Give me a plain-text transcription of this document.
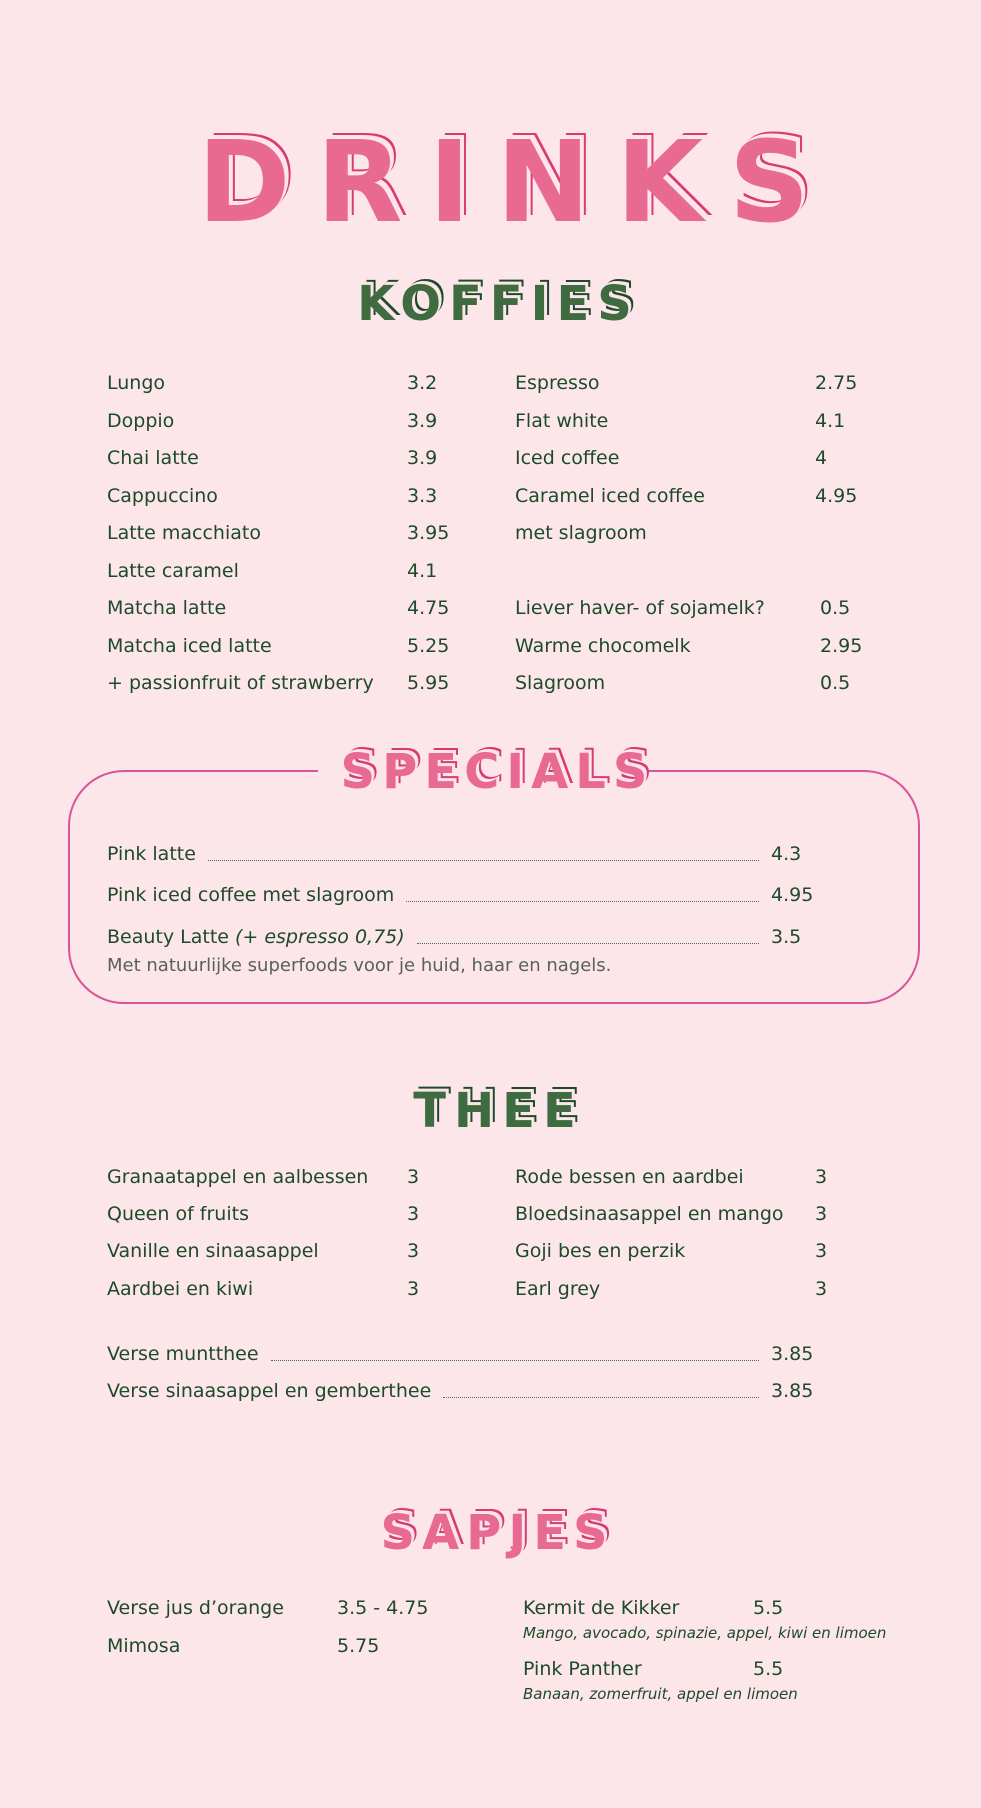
DRINKS
KOFFIES
Lungo	3.2
Doppio	3.9
Chai latte	3.9
Cappuccino	3.3
Latte macchiato	3.95
Latte caramel	4.1
Matcha latte	4.75
Matcha iced latte	5.25
+ passionfruit of strawberry 5.95
Espresso	2.75
Flat white	4.1
Iced coffee	4
Caramel iced coffee	4.95
met slagroom
Liever haver- of sojamelk?	0.5
Warme chocomelk	2.95
Slagroom	0.5
SPECIALS
Pink latte	4.3
Pink iced coffee met slagroom	4.95
Beauty Latte (+ espresso 0,75)	3.5
Met natuurlijke superfoods voor je huid, haar en nagels.
THEE
Granaatappel en aalbessen 3
Queen of fruits	3
Vanille en sinaasappel	3
Aardbei en kiwi	3
Rode bessen en aardbei	3
Bloedsinaasappel en mango 3
Goji bes en perzik	3
Earl grey	3
Verse muntthee	3.85
Verse sinaasappel en gemberthee	3.85
SAPJES
Verse jus d’orange	3.5 - 4.75
Mimosa	5.75
Kermit de Kikker	5.5
Mango, avocado, spinazie, appel, kiwi en limoen
Pink Panther	5.5
Banaan, zomerfruit, appel en limoen
